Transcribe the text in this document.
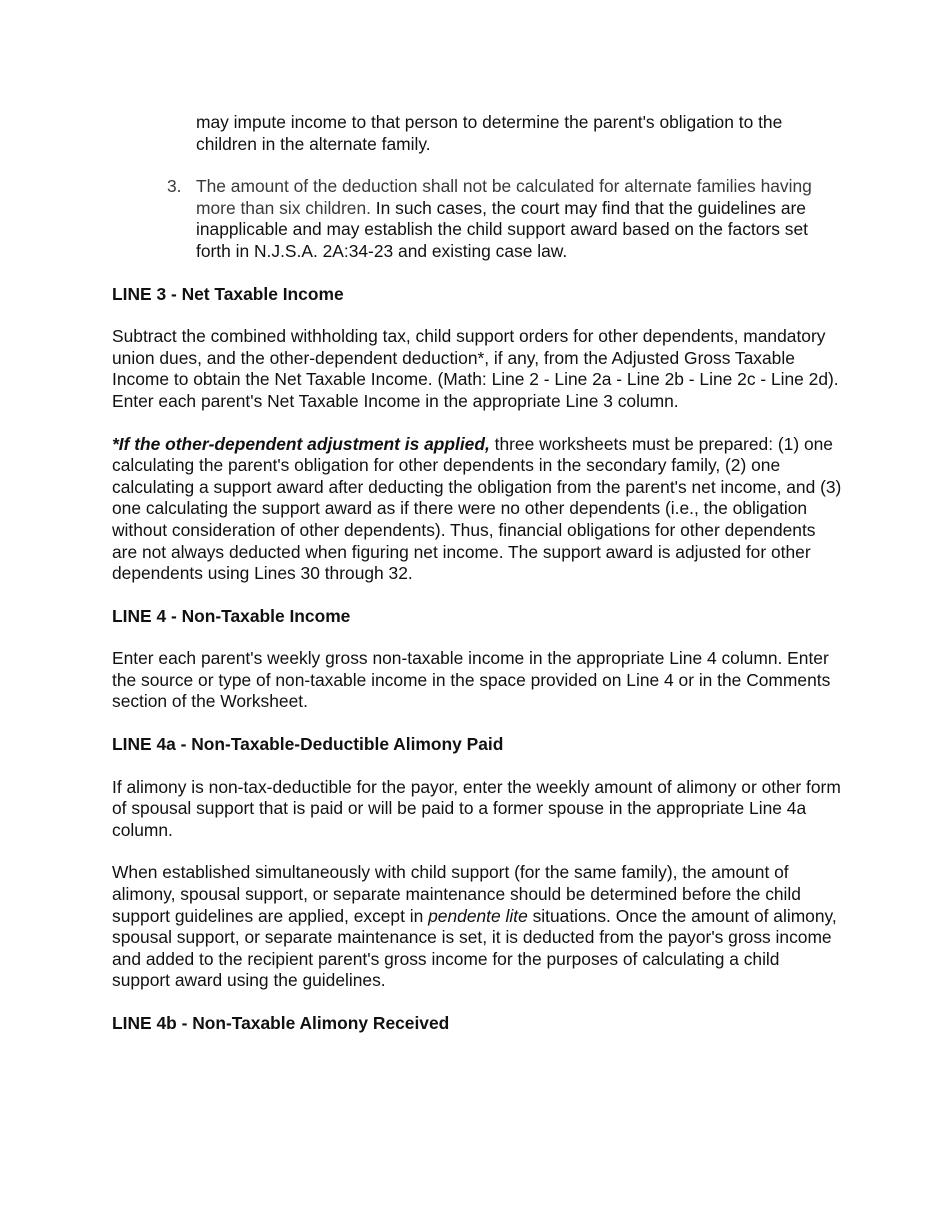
may impute income to that person to determine the parent's obligation to the children in the alternate family.

3. The amount of the deduction shall not be calculated for alternate families having more than six children. In such cases, the court may find that the guidelines are inapplicable and may establish the child support award based on the factors set forth in N.J.S.A. 2A:34-23 and existing case law.

LINE 3 - Net Taxable Income

Subtract the combined withholding tax, child support orders for other dependents, mandatory union dues, and the other-dependent deduction*, if any, from the Adjusted Gross Taxable Income to obtain the Net Taxable Income. (Math: Line 2 - Line 2a - Line 2b - Line 2c - Line 2d). Enter each parent's Net Taxable Income in the appropriate Line 3 column.

*If the other-dependent adjustment is applied, three worksheets must be prepared: (1) one calculating the parent's obligation for other dependents in the secondary family, (2) one calculating a support award after deducting the obligation from the parent's net income, and (3) one calculating the support award as if there were no other dependents (i.e., the obligation without consideration of other dependents). Thus, financial obligations for other dependents are not always deducted when figuring net income. The support award is adjusted for other dependents using Lines 30 through 32.

LINE 4 - Non-Taxable Income

Enter each parent's weekly gross non-taxable income in the appropriate Line 4 column. Enter the source or type of non-taxable income in the space provided on Line 4 or in the Comments section of the Worksheet.

LINE 4a - Non-Taxable-Deductible Alimony Paid

If alimony is non-tax-deductible for the payor, enter the weekly amount of alimony or other form of spousal support that is paid or will be paid to a former spouse in the appropriate Line 4a column.

When established simultaneously with child support (for the same family), the amount of alimony, spousal support, or separate maintenance should be determined before the child support guidelines are applied, except in pendente lite situations. Once the amount of alimony, spousal support, or separate maintenance is set, it is deducted from the payor's gross income and added to the recipient parent's gross income for the purposes of calculating a child support award using the guidelines.

LINE 4b - Non-Taxable Alimony Received
